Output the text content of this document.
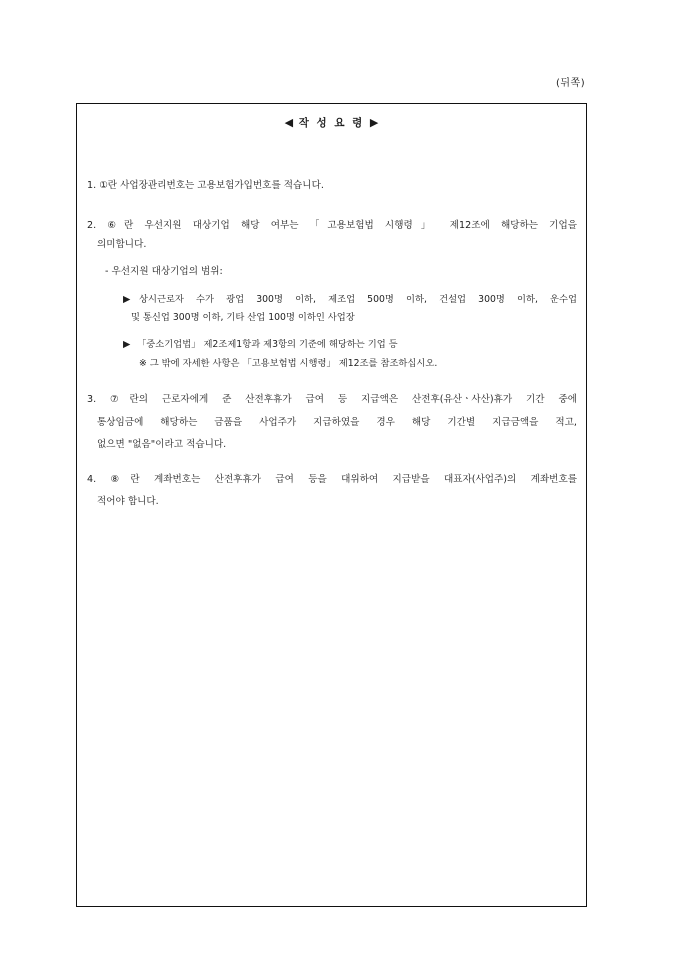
(뒤쪽)
◀ 작 성 요 령 ▶
1. ①란 사업장관리번호는 고용보험가입번호를 적습니다.
2. ⑥란 우선지원 대상기업 해당 여부는 「고용보험법 시행령」 제12조에 해당하는 기업을
의미합니다.
- 우선지원 대상기업의 범위:
▶ 상시근로자 수가 광업 300명 이하, 제조업 500명 이하, 건설업 300명 이하, 운수업
및 통신업 300명 이하, 기타 산업 100명 이하인 사업장
▶ 「중소기업법」 제2조제1항과 제3항의 기준에 해당하는 기업 등
※ 그 밖에 자세한 사항은 「고용보험법 시행령」 제12조를 참조하십시오.
3. ⑦란의 근로자에게 준 산전후휴가 급여 등 지급액은 산전후(유산ㆍ사산)휴가 기간 중에
통상임금에 해당하는 금품을 사업주가 지급하였을 경우 해당 기간별 지급금액을 적고,
없으면 "없음"이라고 적습니다.
4. ⑧란 계좌번호는 산전후휴가 급여 등을 대위하여 지급받을 대표자(사업주)의 계좌번호를
적어야 합니다.
